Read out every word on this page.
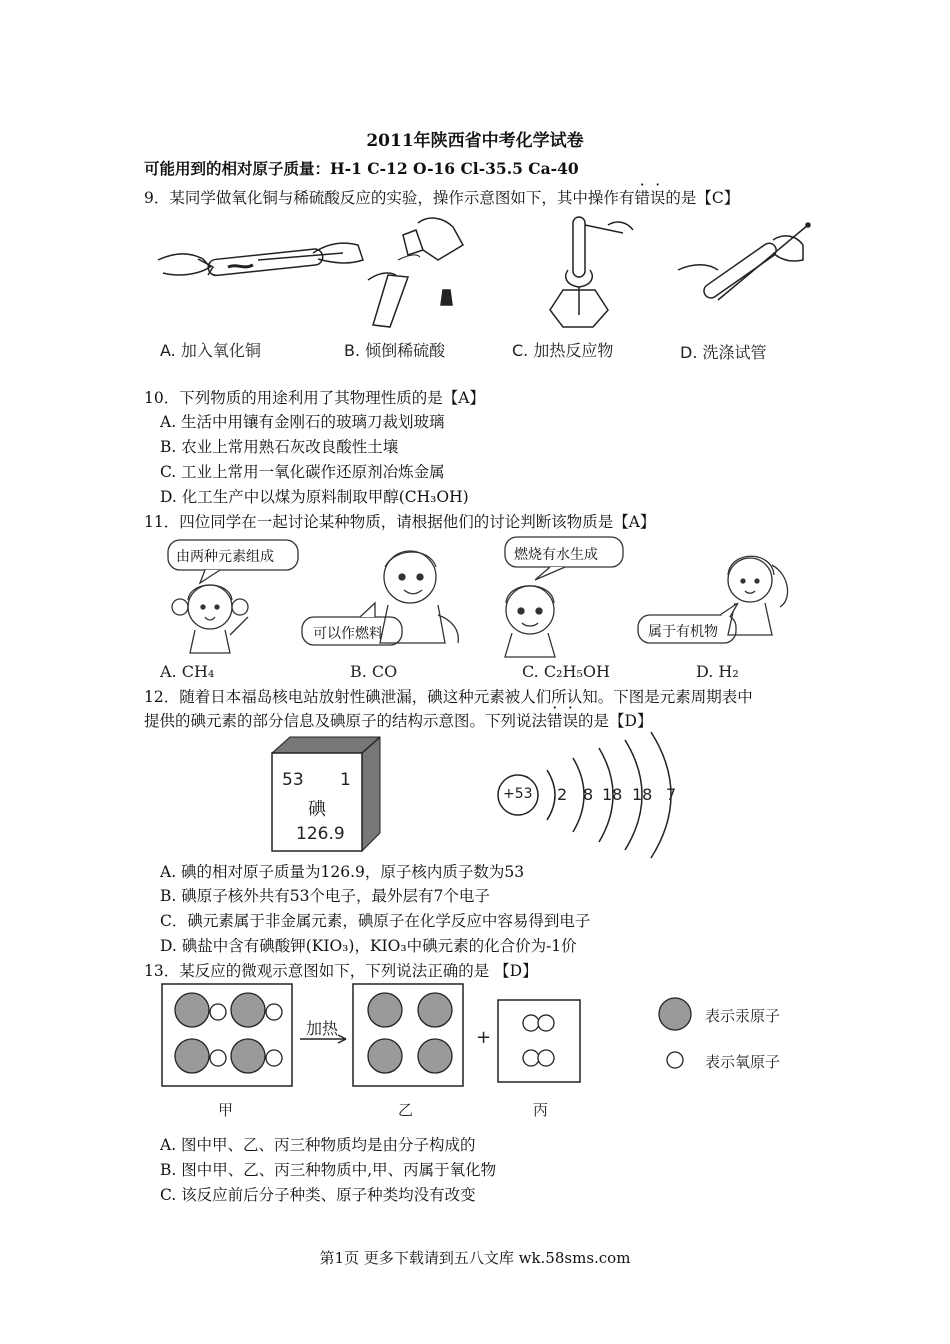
2011年陕西省中考化学试卷
可能用到的相对原子质量：H-1 C-12 O-16 Cl-35.5 Ca-40
9．某同学做氧化铜与稀硫酸反应的实验，操作示意图如下，其中操作有错误的是【C】
A. 加入氧化铜	B. 倾倒稀硫酸	C. 加热反应物	D. 洗涤试管
10．下列物质的用途利用了其物理性质的是【A】
A. 生活中用镶有金刚石的玻璃刀裁划玻璃
B. 农业上常用熟石灰改良酸性土壤
C. 工业上常用一氧化碳作还原剂冶炼金属
D. 化工生产中以煤为原料制取甲醇(CH₃OH)
11．四位同学在一起讨论某种物质，请根据他们的讨论判断该物质是【A】
由两种元素组成
可以作燃料
燃烧有水生成
属于有机物
A. CH₄	B. CO	C. C₂H₅OH	D. H₂
12．随着日本福岛核电站放射性碘泄漏，碘这种元素被人们所认知。下图是元素周期表中
提供的碘元素的部分信息及碘原子的结构示意图。下列说法错误的是【D】
53 1
碘
126.9
+53 2 8 18 18 7
A. 碘的相对原子质量为126.9，原子核内质子数为53
B. 碘原子核外共有53个电子，最外层有7个电子
C．碘元素属于非金属元素，碘原子在化学反应中容易得到电子
D. 碘盐中含有碘酸钾(KIO₃)，KIO₃中碘元素的化合价为-1价
13．某反应的微观示意图如下，下列说法正确的是 【D】
加热	+
表示汞原子
表示氧原子
甲	乙	丙
A. 图中甲、乙、丙三种物质均是由分子构成的
B. 图中甲、乙、丙三种物质中,甲、丙属于氧化物
C. 该反应前后分子种类、原子种类均没有改变
第1页 更多下载请到五八文库 wk.58sms.com
